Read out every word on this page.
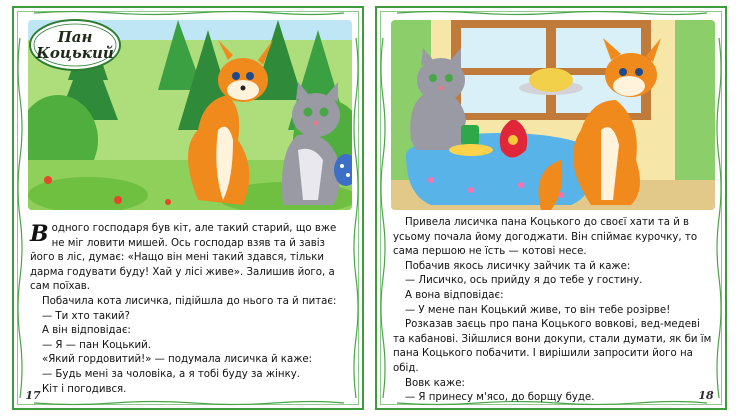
Пан
Коцький

Водного господаря був кіт, але такий старий, що вже не міг ловити мишей. Ось господар взяв та й завіз його в ліс, думає: «Нащо він мені такий здався, тільки дарма годувати буду! Хай у лісі живе». Залишив його, а сам поїхав.

Побачила кота лисичка, підійшла до нього та й питає:

— Ти хто такий?

А він відповідає:

— Я — пан Коцький.

«Який гордовитий!» — подумала лисичка й каже:

— Будь мені за чоловіка, а я тобі буду за жінку.

Кіт і погодився.

17

Привела лисичка пана Коцького до своєї хати та й в усьому почала йому догоджати. Він спіймає курочку, то сама першою не їсть — котові несе.

Побачив якось лисичку зайчик та й каже:

— Лисичко, ось прийду я до тебе у гостину.

А вона відповідає:

— У мене пан Коцький живе, то він тебе розірве!

Розказав заєць про пана Коцького вовкові, вед-медеві та кабанові. Зійшлися вони докупи, стали думати, як би їм пана Коцького побачити. І вирішили запросити його на обід.

Вовк каже:

— Я принесу м'ясо, до борщу буде.	18
